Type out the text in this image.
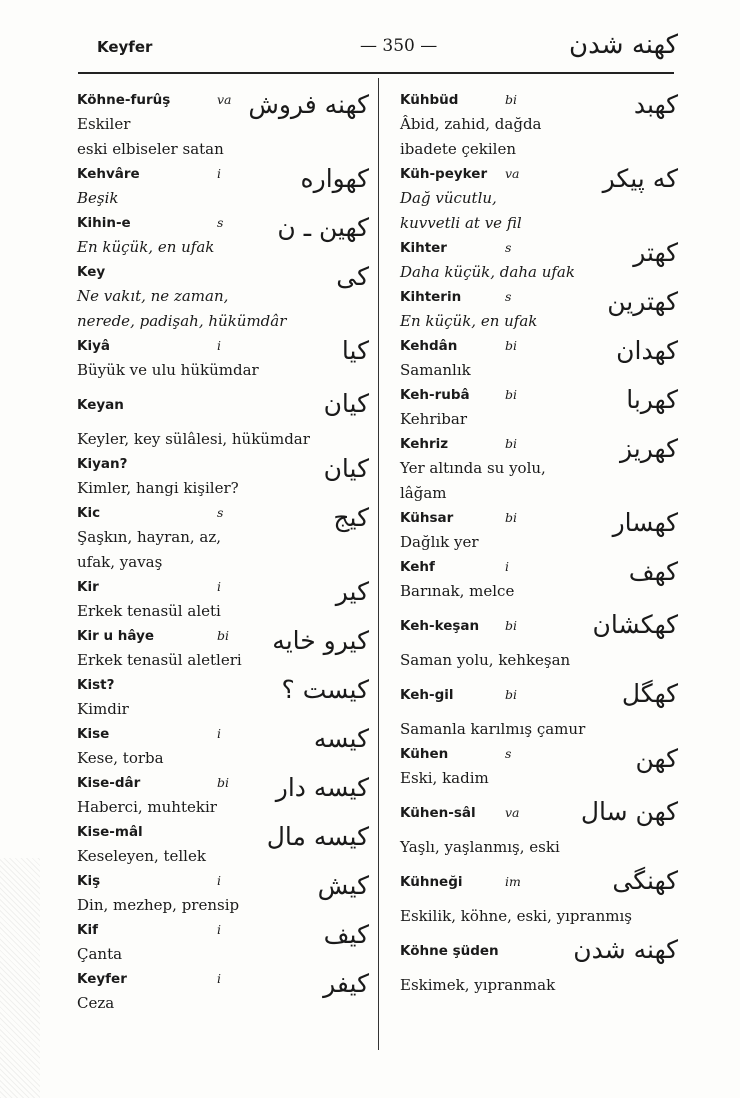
Keyfer	— 350 —	كهنه شدن
Köhne-furûş	va كهنه فروش
Eskiler
eski elbiseler satan
Kehvâre	i	كهواره
Beşik
Kihin-e	s كهين ـ ن
En küçük, en ufak
Key	كى
Ne vakıt, ne zaman,
nerede, padişah, hükümdâr
Kiyâ	i	كيا
Büyük ve ulu hükümdar
Keyan	كيان
Keyler, key sülâlesi, hükümdar
Kiyan?	كيان
Kimler, hangi kişiler?
Kic	s	كيج
Şaşkın, hayran, az,
ufak, yavaş
Kir	i	كير
Erkek tenasül aleti
Kir u hâye	bi كيرو خايه
Erkek tenasül aletleri
Kist?	كيست ؟
Kimdir
Kise	i	كيسه
Kese, torba
Kise-dâr	bi كيسه دار
Haberci, muhtekir
Kise-mâl	كيسه مال
Keseleyen, tellek
Kiş	i	كيش
Din, mezhep, prensip
Kif	i	كيف
Çanta
Keyfer	i	كيفر
Ceza
Kühbüd	bi	كهبد
Âbid, zahid, dağda
ibadete çekilen
Küh-peyker va	كه پيكر
Dağ vücutlu,
kuvvetli at ve fil
Kihter	s	كهتر
Daha küçük, daha ufak
Kihterin	s	كهترين
En küçük, en ufak
Kehdân	bi	كهدان
Samanlık
Keh-rubâ	bi	كهربا
Kehribar
Kehriz	bi	كهريز
Yer altında su yolu,
lâğam
Kühsar	bi	كهسار
Dağlık yer
Kehf	i	كهف
Barınak, melce
Keh-keşan bi	كهكشان
Saman yolu, kehkeşan
Keh-gil	bi	كهگل
Samanla karılmış çamur
Kühen	s	كهن
Eski, kadim
Kühen-sâl va كهن سال
Yaşlı, yaşlanmış, eski
Kühneği	im	كهنگى
Eskilik, köhne, eski, yıpranmış
Köhne şüden	كهنه شدن
Eskimek, yıpranmak
